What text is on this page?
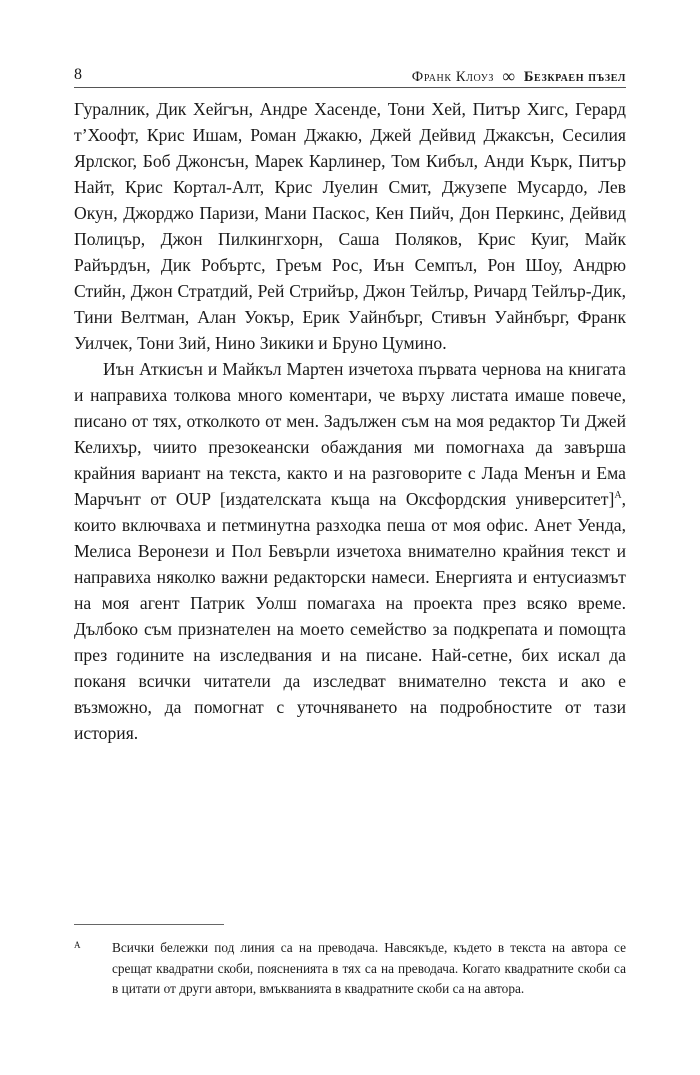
8	Франк Клоуз ∞ Безкраен пъзел

Гуралник, Дик Хейгън, Андре Хасенде, Тони Хей, Питър Хигс, Герард т’Хоофт, Крис Ишам, Роман Джакю, Джей Дейвид Джаксън, Сесилия Ярлског, Боб Джонсън, Марек Карлинер, Том Кибъл, Анди Кърк, Питър Найт, Крис Кортал-Алт, Крис Луелин Смит, Джузепе Мусардо, Лев Окун, Джорджо Паризи, Мани Паскос, Кен Пийч, Дон Перкинс, Дейвид Полицър, Джон Пилкингхорн, Саша Поляков, Крис Куиг, Майк Райърдън, Дик Робъртс, Греъм Рос, Иън Семпъл, Рон Шоу, Андрю Стийн, Джон Стратдий, Рей Стрийър, Джон Тейлър, Ричард Тейлър-Дик, Тини Велтман, Алан Уокър, Ерик Уайнбърг, Стивън Уайнбърг, Франк Уилчек, Тони Зий, Нино Зикики и Бруно Цумино.

Иън Аткисън и Майкъл Мартен изчетоха първата чернова на книгата и направиха толкова много коментари, че върху листата имаше повече, писано от тях, отколкото от мен. Задължен съм на моя редактор Ти Джей Келихър, чиито презокеански обаждания ми помогнаха да завърша крайния вариант на текста, както и на разговорите с Лада Менън и Ема Марчънт от OUP [издателската къща на Оксфордския университет]$^А$, които включваха и петминутна разходка пеша от моя офис. Анет Уенда, Мелиса Веронези и Пол Бевърли изчетоха внимателно крайния текст и направиха няколко важни редакторски намеси. Енергията и ентусиазмът на моя агент Патрик Уолш помагаха на проекта през всяко време. Дълбоко съм признателен на моето семейство за подкрепата и помощта през годините на изследвания и на писане. Най-сетне, бих искал да поканя всички читатели да изследват внимателно текста и ако е възможно, да помогнат с уточняването на подробностите от тази история.

А Всички бележки под линия са на преводача. Навсякъде, където в текста на автора се срещат квадратни скоби, поясненията в тях са на преводача. Когато квадратните скоби са в цитати от други автори, вмъкванията в квадратните скоби са на автора.
